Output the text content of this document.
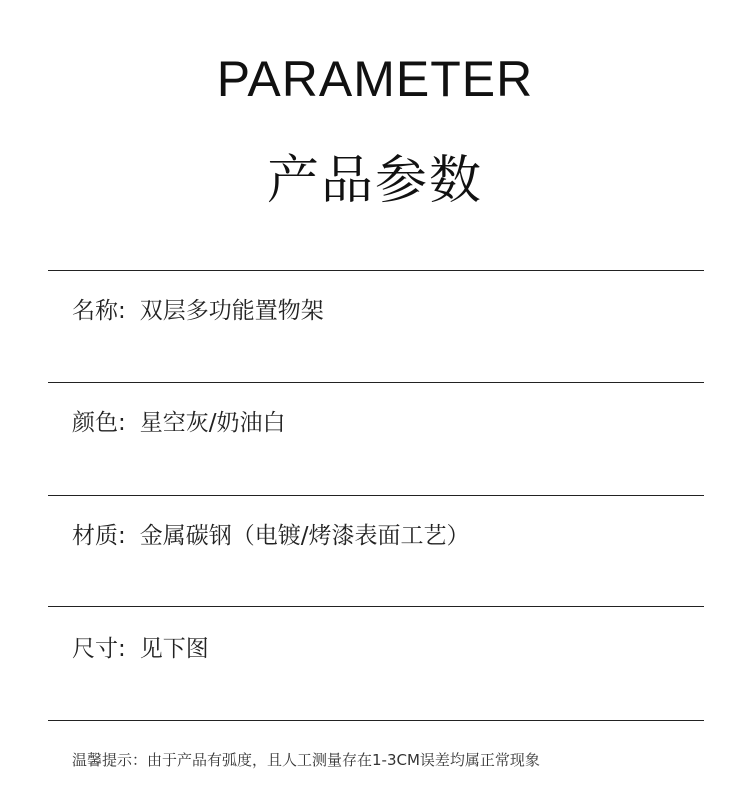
PARAMETER
产品参数
名称: 双层多功能置物架
颜色: 星空灰/奶油白
材质: 金属碳钢（电镀/烤漆表面工艺）
尺寸: 见下图
温馨提示：由于产品有弧度，且人工测量存在1-3CM误差均属正常现象
